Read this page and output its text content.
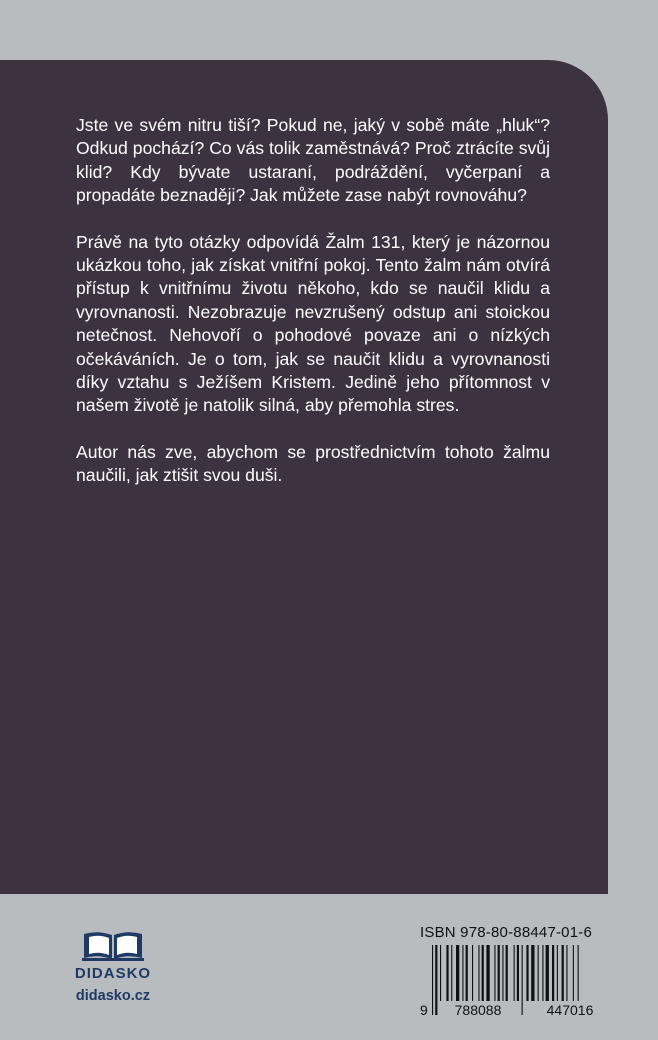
Jste ve svém nitru tiší? Pokud ne, jaký v sobě máte „hluk“? Odkud pochází? Co vás tolik zaměstnává? Proč ztrácíte svůj klid? Kdy bývate ustaraní, podráždění, vyčerpaní a propadáte beznaději? Jak můžete zase nabýt rovnováhu?

Právě na tyto otázky odpovídá Žalm 131, který je názornou ukázkou toho, jak získat vnitřní pokoj. Tento žalm nám otvírá přístup k vnitřnímu životu někoho, kdo se naučil klidu a vyrovnanosti. Nezobrazuje nevzrušený odstup ani stoickou netečnost. Nehovoří o pohodové povaze ani o nízkých očekáváních. Je o tom, jak se naučit klidu a vyrovnanosti díky vztahu s Ježíšem Kristem. Jedině jeho přítomnost v našem životě je natolik silná, aby přemohla stres.

Autor nás zve, abychom se prostřednictvím tohoto žalmu naučili, jak ztišit svou duši.

DIDASKO
didasko.cz
ISBN 978-80-88447-01-6
9 788088	447016
